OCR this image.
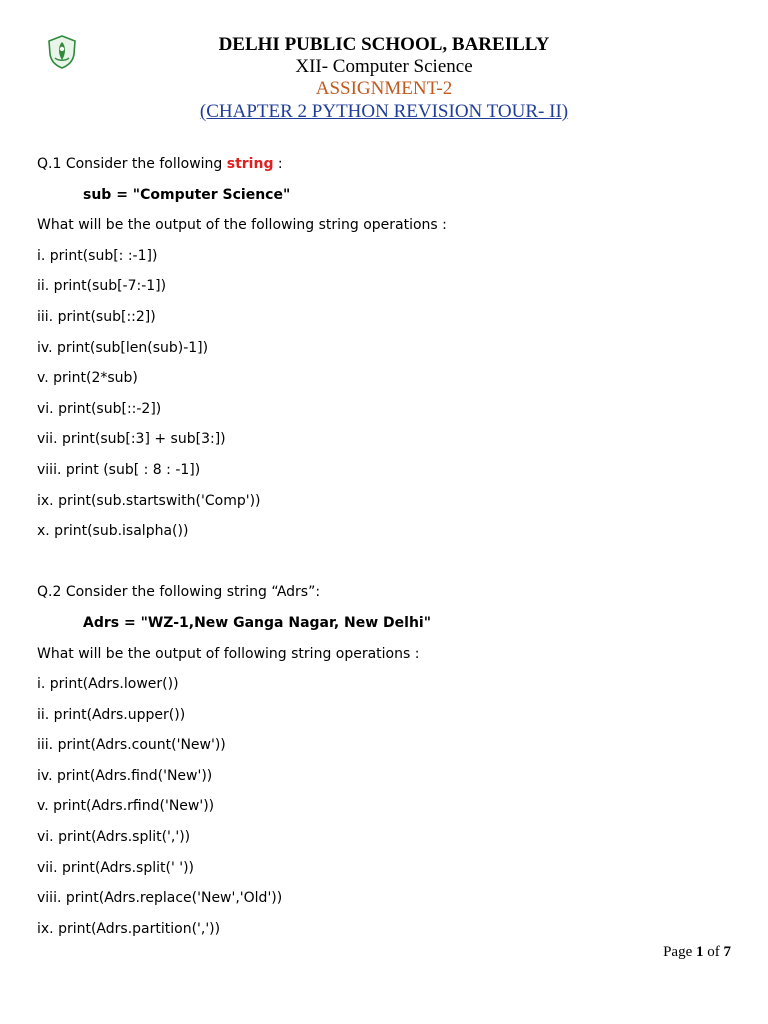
DELHI PUBLIC SCHOOL, BAREILLY
XII- Computer Science
ASSIGNMENT-2
(CHAPTER 2 PYTHON REVISION TOUR- II)
Q.1 Consider the following string :
sub = "Computer Science"
What will be the output of the following string operations :
i. print(sub[: :-1])
ii. print(sub[-7:-1])
iii. print(sub[::2])
iv. print(sub[len(sub)-1])
v. print(2*sub)
vi. print(sub[::-2])
vii. print(sub[:3] + sub[3:])
viii. print (sub[ : 8 : -1])
ix. print(sub.startswith('Comp'))
x. print(sub.isalpha())
Q.2 Consider the following string “Adrs”:
Adrs = "WZ-1,New Ganga Nagar, New Delhi"
What will be the output of following string operations :
i. print(Adrs.lower())
ii. print(Adrs.upper())
iii. print(Adrs.count('New'))
iv. print(Adrs.find('New'))
v. print(Adrs.rfind('New'))
vi. print(Adrs.split(','))
vii. print(Adrs.split(' '))
viii. print(Adrs.replace('New','Old'))
ix. print(Adrs.partition(','))
Page 1 of 7
